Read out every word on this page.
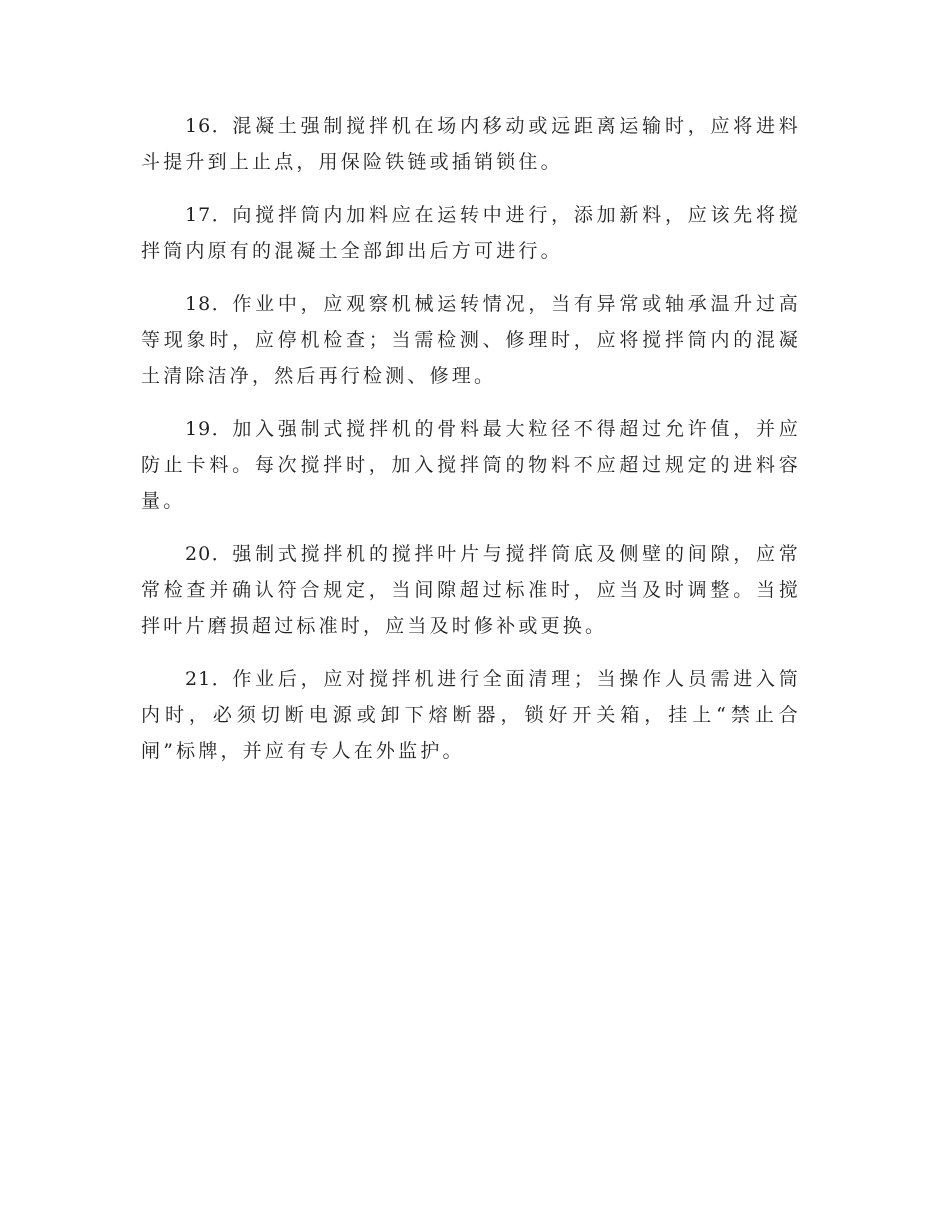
16．混凝土强制搅拌机在场内移动或远距离运输时，应将进料斗提升到上止点，用保险铁链或插销锁住。

17．向搅拌筒内加料应在运转中进行，添加新料，应该先将搅拌筒内原有的混凝土全部卸出后方可进行。

18．作业中，应观察机械运转情况，当有异常或轴承温升过高等现象时，应停机检查；当需检测、修理时，应将搅拌筒内的混凝土清除洁净，然后再行检测、修理。

19．加入强制式搅拌机的骨料最大粒径不得超过允许值，并应防止卡料。每次搅拌时，加入搅拌筒的物料不应超过规定的进料容量。

20．强制式搅拌机的搅拌叶片与搅拌筒底及侧壁的间隙，应常常检查并确认符合规定，当间隙超过标准时，应当及时调整。当搅拌叶片磨损超过标准时，应当及时修补或更换。

21．作业后，应对搅拌机进行全面清理；当操作人员需进入筒内时，必须切断电源或卸下熔断器，锁好开关箱，挂上“禁止合闸”标牌，并应有专人在外监护。
